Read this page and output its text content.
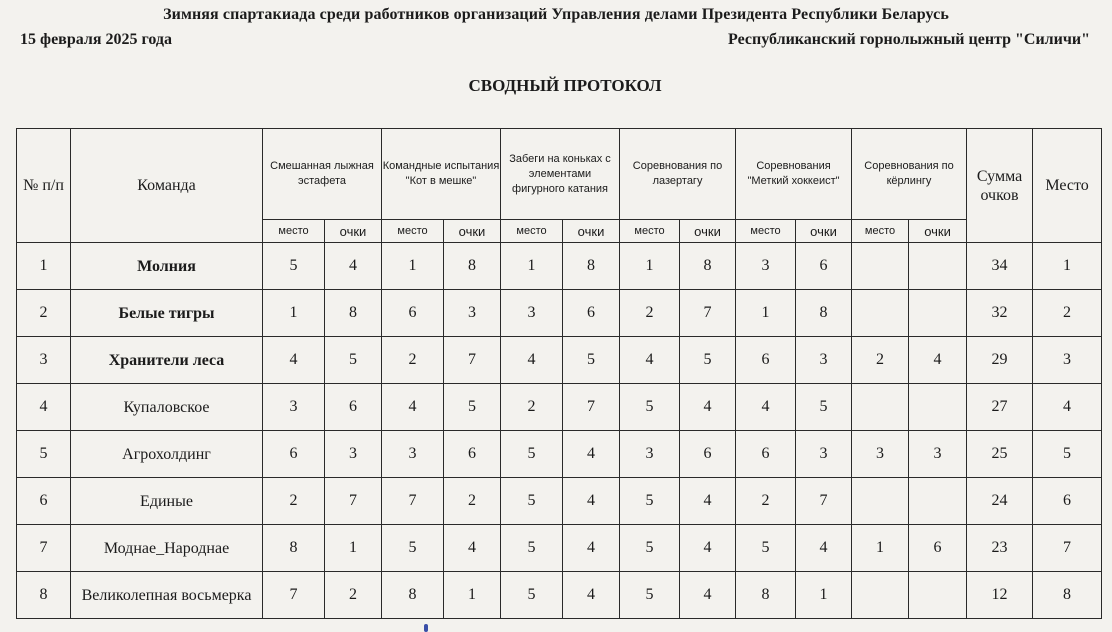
Зимняя спартакиада среди работников организаций Управления делами Президента Республики Беларусь
15 февраля 2025 года	Республиканский горнолыжный центр "Силичи"
СВОДНЫЙ ПРОТОКОЛ
№ п/п	Команда	Смешанная лыжная эстафета		Командные испытания "Кот в мешке"		Забеги на коньках с элементами фигурного катания		Соревнования по лазертагу		Соревнования "Меткий хоккеист"		Соревнования по кёрлингу		Сумма очков	Место
		место	очки	место	очки	место	очки	место	очки	место	очки	место	очки		
1	Молния	5	4	1	8	1	8	1	8	3	6			34	1
2	Белые тигры	1	8	6	3	3	6	2	7	1	8			32	2
3	Хранители леса	4	5	2	7	4	5	4	5	6	3	2	4	29	3
4	Купаловское	3	6	4	5	2	7	5	4	4	5			27	4
5	Агрохолдинг	6	3	3	6	5	4	3	6	6	3	3	3	25	5
6	Единые	2	7	7	2	5	4	5	4	2	7			24	6
7	Моднае_Народнае	8	1	5	4	5	4	5	4	5	4	1	6	23	7
8	Великолепная восьмерка	7	2	8	1	5	4	5	4	8	1			12	8
